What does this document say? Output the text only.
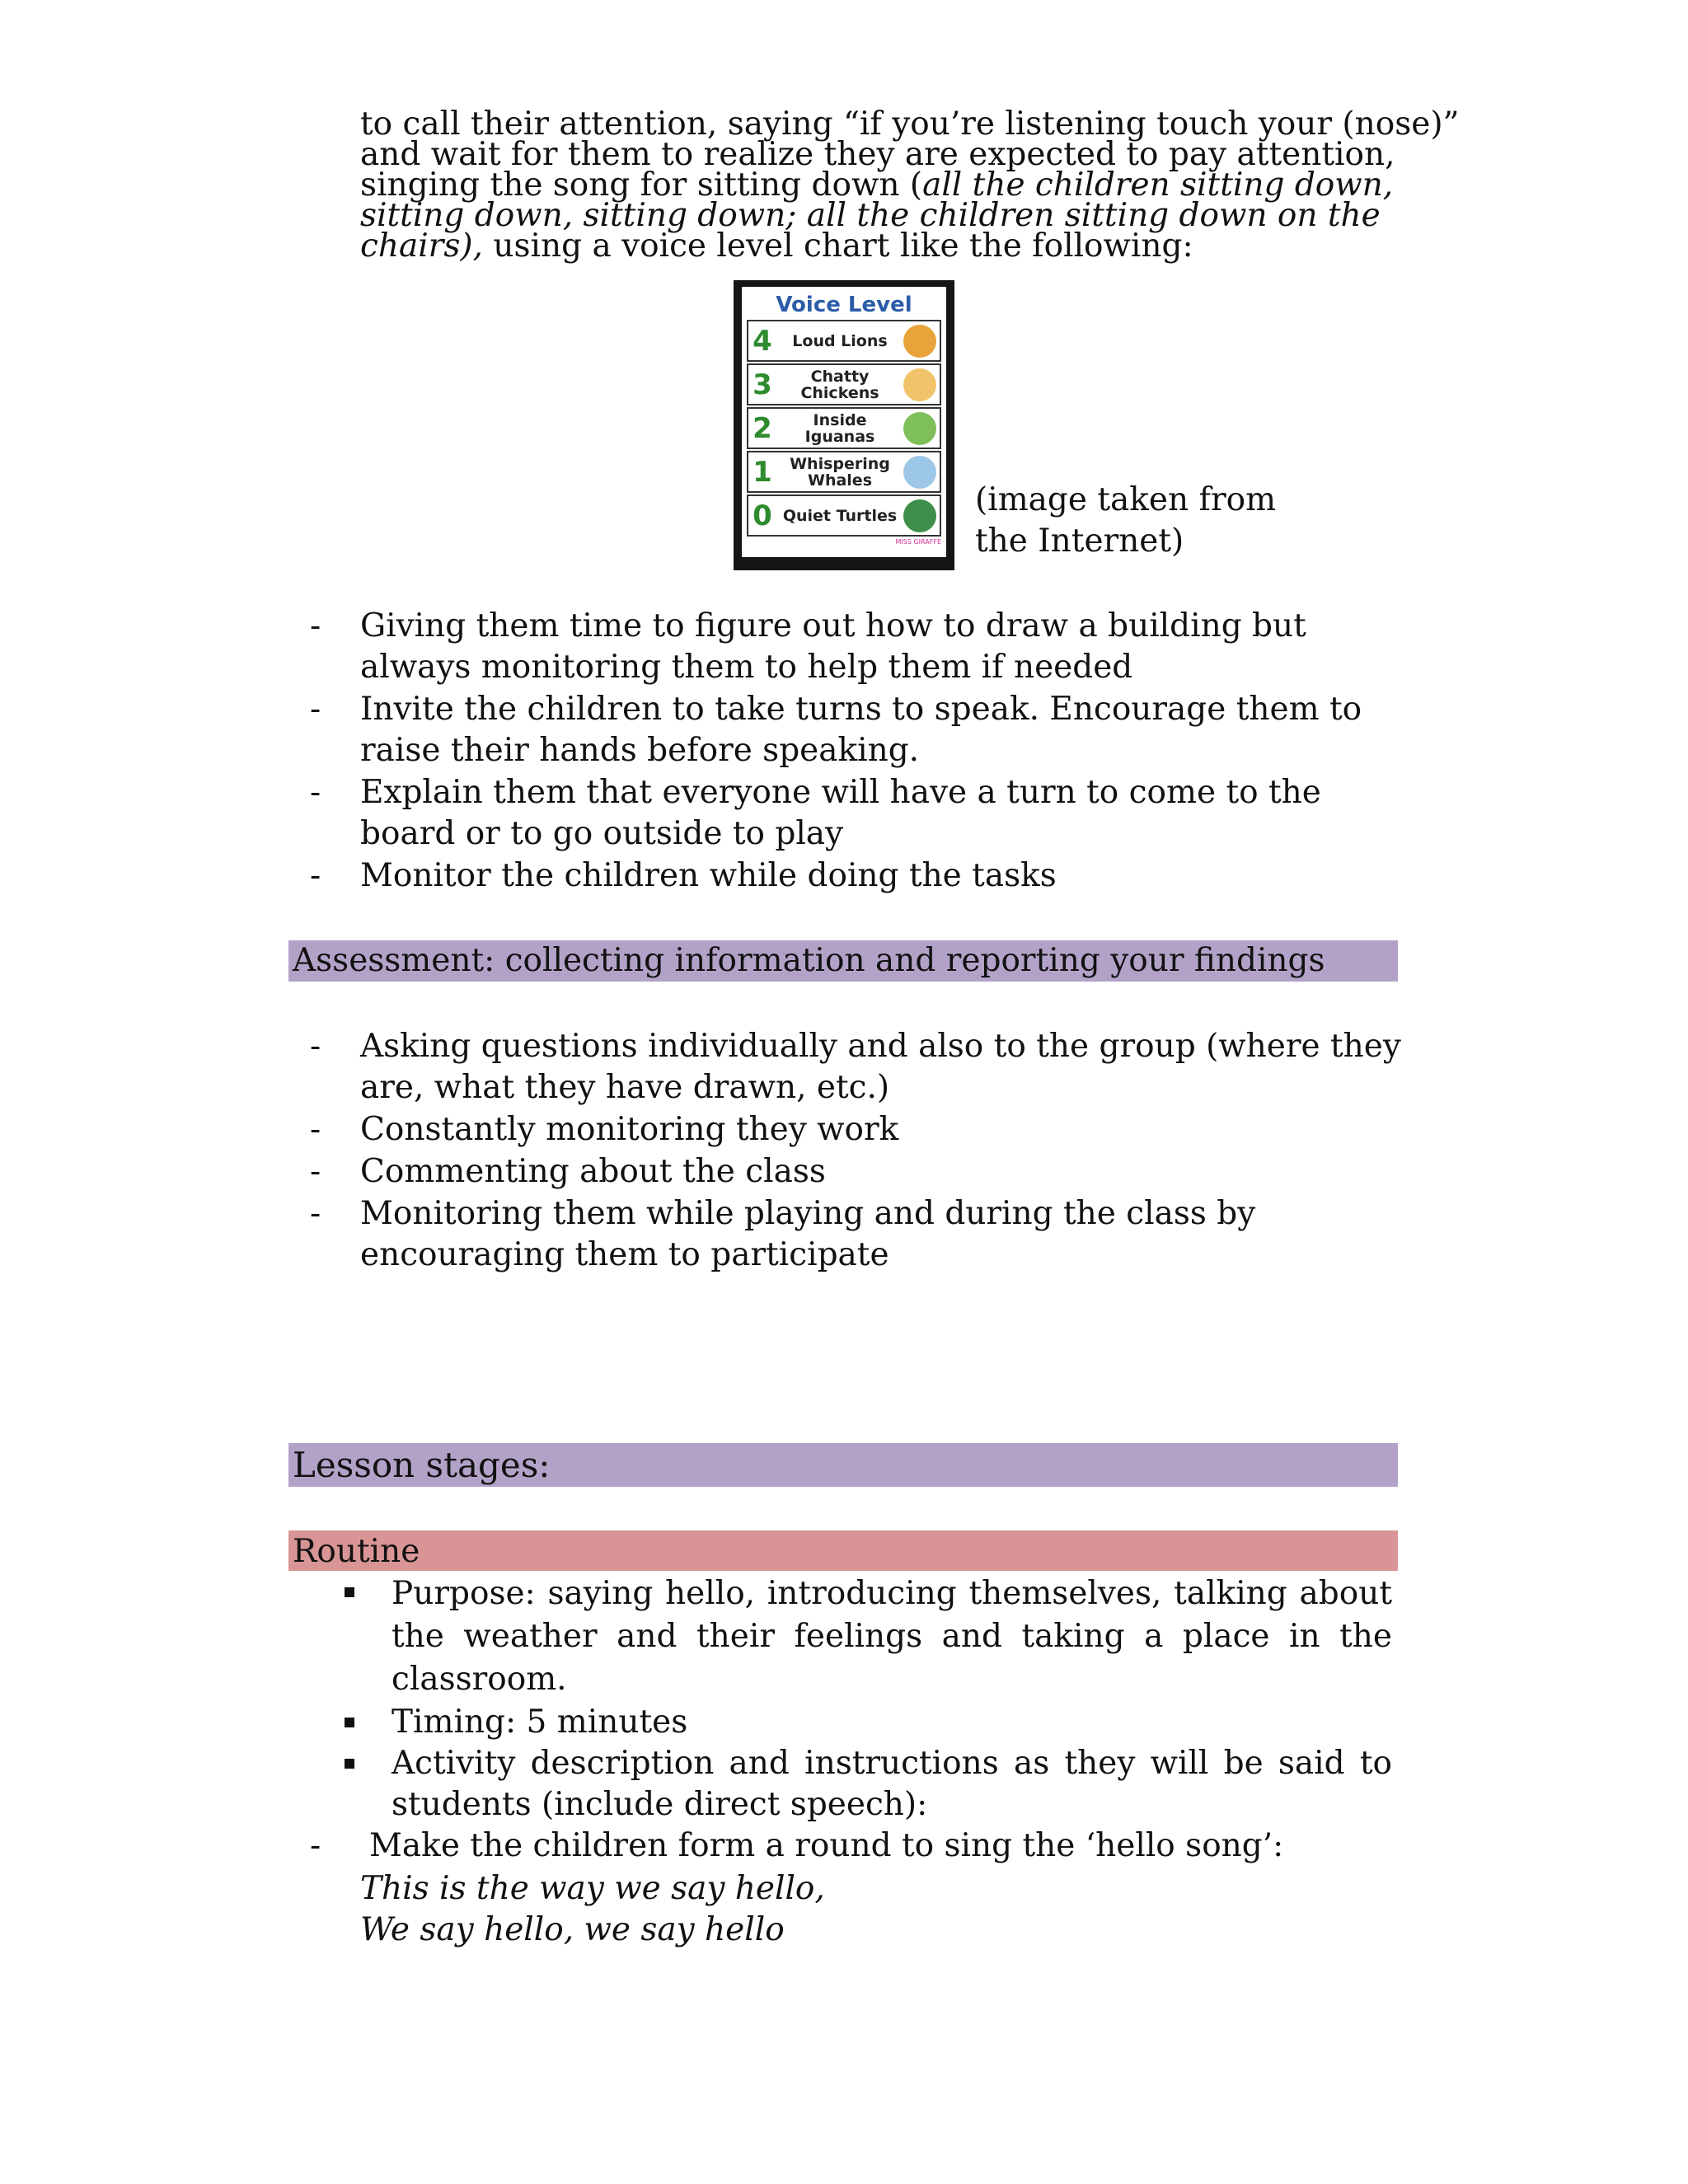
to call their attention, saying “if you’re listening touch your (nose)”
and wait for them to realize they are expected to pay attention,
singing the song for sitting down (all the children sitting down,
sitting down, sitting down; all the children sitting down on the
chairs), using a voice level chart like the following:
Voice Level
4	Loud Lions
3	Chatty Chickens
2	Inside Iguanas
1	Whispering Whales
0 Quiet Turtles
MISS GIRAFFE
(image taken from the Internet)
- Giving them time to figure out how to draw a building but always monitoring them to help them if needed
- Invite the children to take turns to speak. Encourage them to raise their hands before speaking.
- Explain them that everyone will have a turn to come to the board or to go outside to play
- Monitor the children while doing the tasks
Assessment: collecting information and reporting your findings
- Asking questions individually and also to the group (where they are, what they have drawn, etc.)
- Constantly monitoring they work
- Commenting about the class
- Monitoring them while playing and during the class by encouraging them to participate
Lesson stages:
Routine
Purpose: saying hello, introducing themselves, talking about the weather and their feelings and taking a place in the classroom.
Timing: 5 minutes
Activity description and instructions as they will be said to
students (include direct speech):
- Make the children form a round to sing the ‘hello song’:
This is the way we say hello,
We say hello, we say hello
